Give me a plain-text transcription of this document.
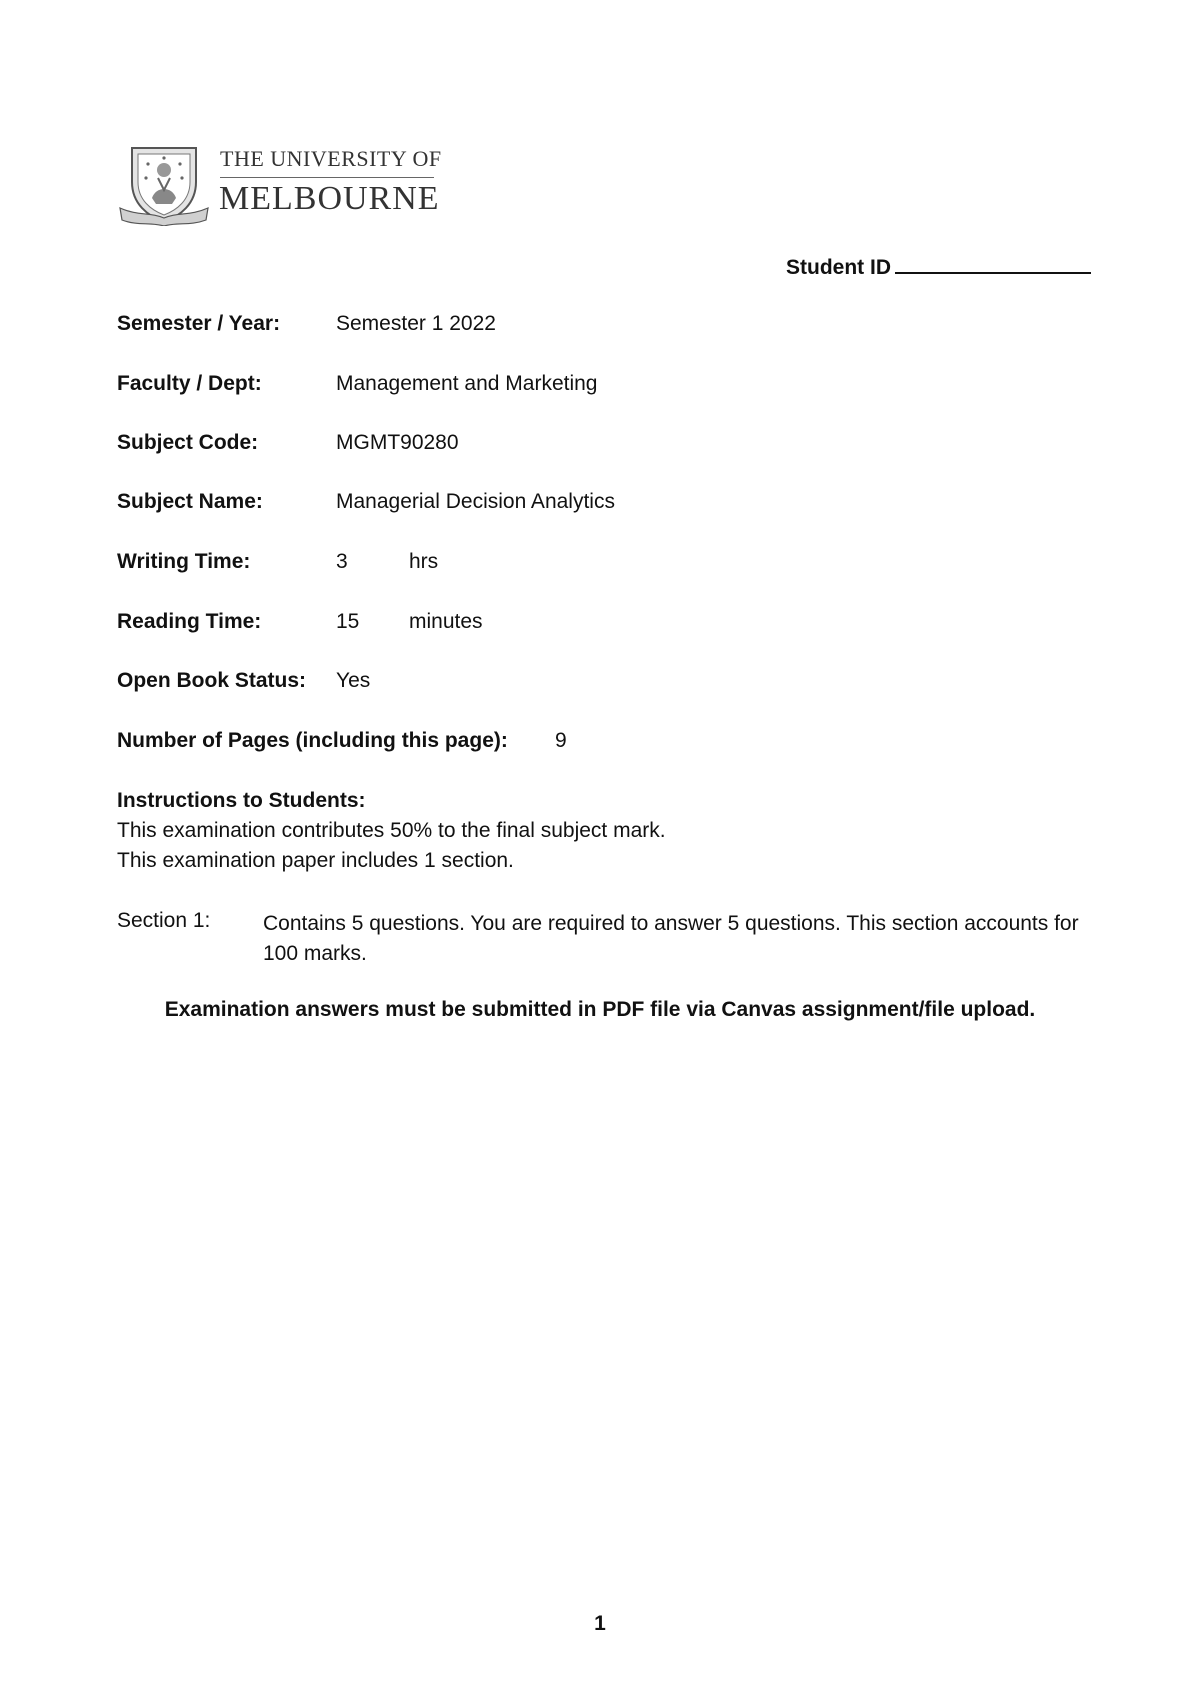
THE UNIVERSITY OF
MELBOURNE
Student ID
Semester / Year:	Semester 1 2022
Faculty / Dept:	Management and Marketing
Subject Code:	MGMT90280
Subject Name:	Managerial Decision Analytics
Writing Time:	3	hrs
Reading Time:	15 minutes
Open Book Status: Yes
Number of Pages (including this page): 9
Instructions to Students:
This examination contributes 50% to the final subject mark.
This examination paper includes 1 section.
Section 1:	Contains 5 questions. You are required to answer 5 questions. This section accounts for 100 marks.
Examination answers must be submitted in PDF file via Canvas assignment/file upload.
1
